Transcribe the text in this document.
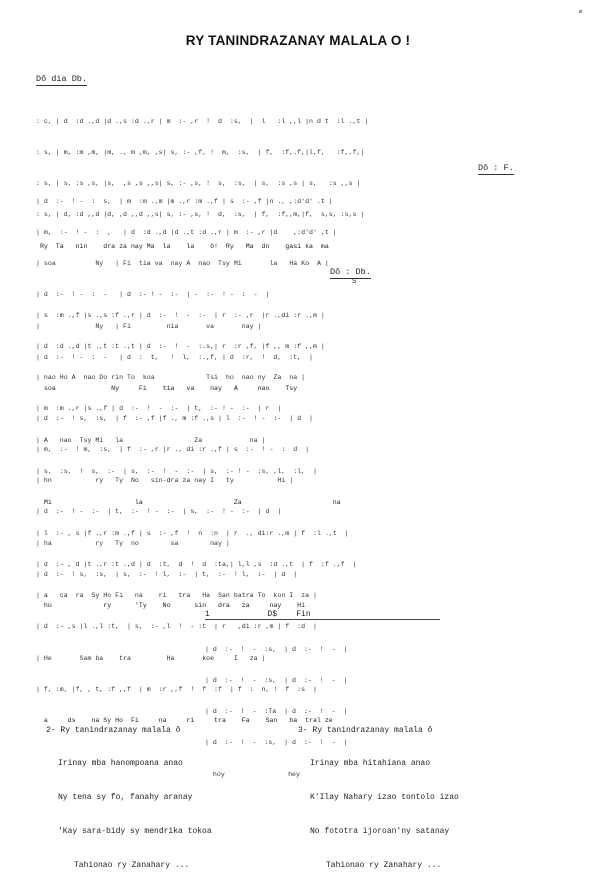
RY TANINDRAZANAY MALALA O !
Dô dia Db.

: c, | d  :d .,d |d .,s :d .,r | m  :- ,r  !  d  :s,  |  l   :l ,,l |n d t  :l .,t |

: s, | m, :m ,m, |m, ., m ,m, ,s| s, :- ,f, !  m,  :s,  | f,  :f,.f,|l,f,   :f,.f,|

: s, | s, :s ,s, |s,  ,s ,s ,,s| s, :- ,s, !  s,  :s,  | s,  :s ,s | s,   :s ,,s |

: s, | d, :d ,,d |d, ,d ,,d ,,s| s, :- ,s, !  d,  :s,  | f,  :f,,m,|f,  s,s, :s,s |

Ry  Ta   nin    dra za nay Ma  la    la    ô!  Ry   Ma  dn    gasi ka  ma

Dô : F.

| d  :-  ! -  :  s,  | m  :m .,m |m .,r :m .,f | s  :- ,f |n ., ,:d'd' .t |

| m,  :-  ! -  :  ,   | d  :d .,d |d .,t :d .,r | m  :- ,r |d    ,:d'd' ,t |

| soa          Ny   | Fi  tia va  nay A  nao  Tsy Mi       la   Ha Ko  A |

| d  :-  ! -  :  -   | d  :- ! -  :-  | -  :-  ! -  :  -  |

|              Ny   | Fi         nia       va       nay |

| d  :-  ! -  :  -   | d  :  t,   !  l,  :.,f, | d  :r,  !  d,  :t,  |

soa              Ny     Fi    tia   va    nay   A     nao    Tsy

Dô : Db.
S

| s  :m .,f |s .,s :f .,r | d  :-  !  -  :-  | r  :- ,r  |r .,di :r .,m |

| d  :d .,d |t .,t :t .,t | d  :-  !  -  :.s,| r  :r ,f, |f ,, m :f ,,m |

| nao Ho A  nao Do rin To  koa             Tsi  ho  nao ny  Za  na |

| m  :m .,r |s .,f | d  :-  !  -  :-  | t,  :- ! -  :-  | r  |

| A   nao  Tsy Mi   la                  Za            na |

| s,  :s,  !  s,  :-  | s,  :-  !  -  :-  | s,  :- ! -  :s, ,l,  :l,  |

Mi                     la                       Za                       na

| d  :-  ! s,  :s,  | f  :- ,f |f ., m :f .,s | l  :-  ! -  :-  | d  |

| m,  :-  ! m,  :s,  | f  :- ,r |r ., di :r .,f | s  :-  ! -  :  d  |

| hn           ry   Ty  No   sin-dra za nay I   ty           Hi |

| d  :-  ! -  :-  | t,  :-  ! -  :-  | s,  :-  ! -  :-  | d  |

| ha           ry   Ty  no        sa        nay |

| d  :-  ! s,  :s,  | s,  :-  ! l,  :-  | t,  :-  ! l,  :-  | d  |

hu             ry      'Ty    No      sin   dra   za     nay    Hi

| l  :- , s |f .,r :m .,f | s  :- ,f  !  n  :n  | r  ., di:r .,m | f  :l .,t  |

| d  :- , d |t .,r :t .,d | d  :t,  d  !  d  :ta,| l,l ,s  :d .,t  | f  :f .,f  |

| a   ca  ra  Sy Ho Fi   na    ri   tra   Ha  San batra To  kon I  za |

| d  :- ,s |l .,l :t,  | s,  :- ,l  !  - :t  | r   ,di :r ,m | f  :d  |

| He       Sam ba    tra         Ha       koe     I   za |

| f, :m, |f, , t, :f ,,f  | m  :r ,,f  !  f  :f  | f  :  n, !  f  :s  |

a     ds    na Sy Ho  Fi     na     ri     tra    Fa    San   ba  tral ze

1            D$    Fin

| d  :-  !  -  :s,  | d  :-  !  -  |

| d  :-  !  -  :s,  | d  :-  !  -  |

| d  :-  !  -  :Ta  | d  :-  !  -  |

| d  :-  !  -  :s,  | d  :-  !  -  |

hoy                hey

2- Ry tanindrazanay malala ô

Irinay mba hanompoana anao

Ny tena sy fo, fanahy aranay

'Kay sara-bidy sy mendrika tokoa

Tahionao ry Zanahary ...

3- Ry tanindrazanay malala ô

Irinay mba hitahiana anao

K'Ilay Nahary izao tontolo izao

No fototra ijoroan'ny satanay

Tahionao ry Zanahary ...
